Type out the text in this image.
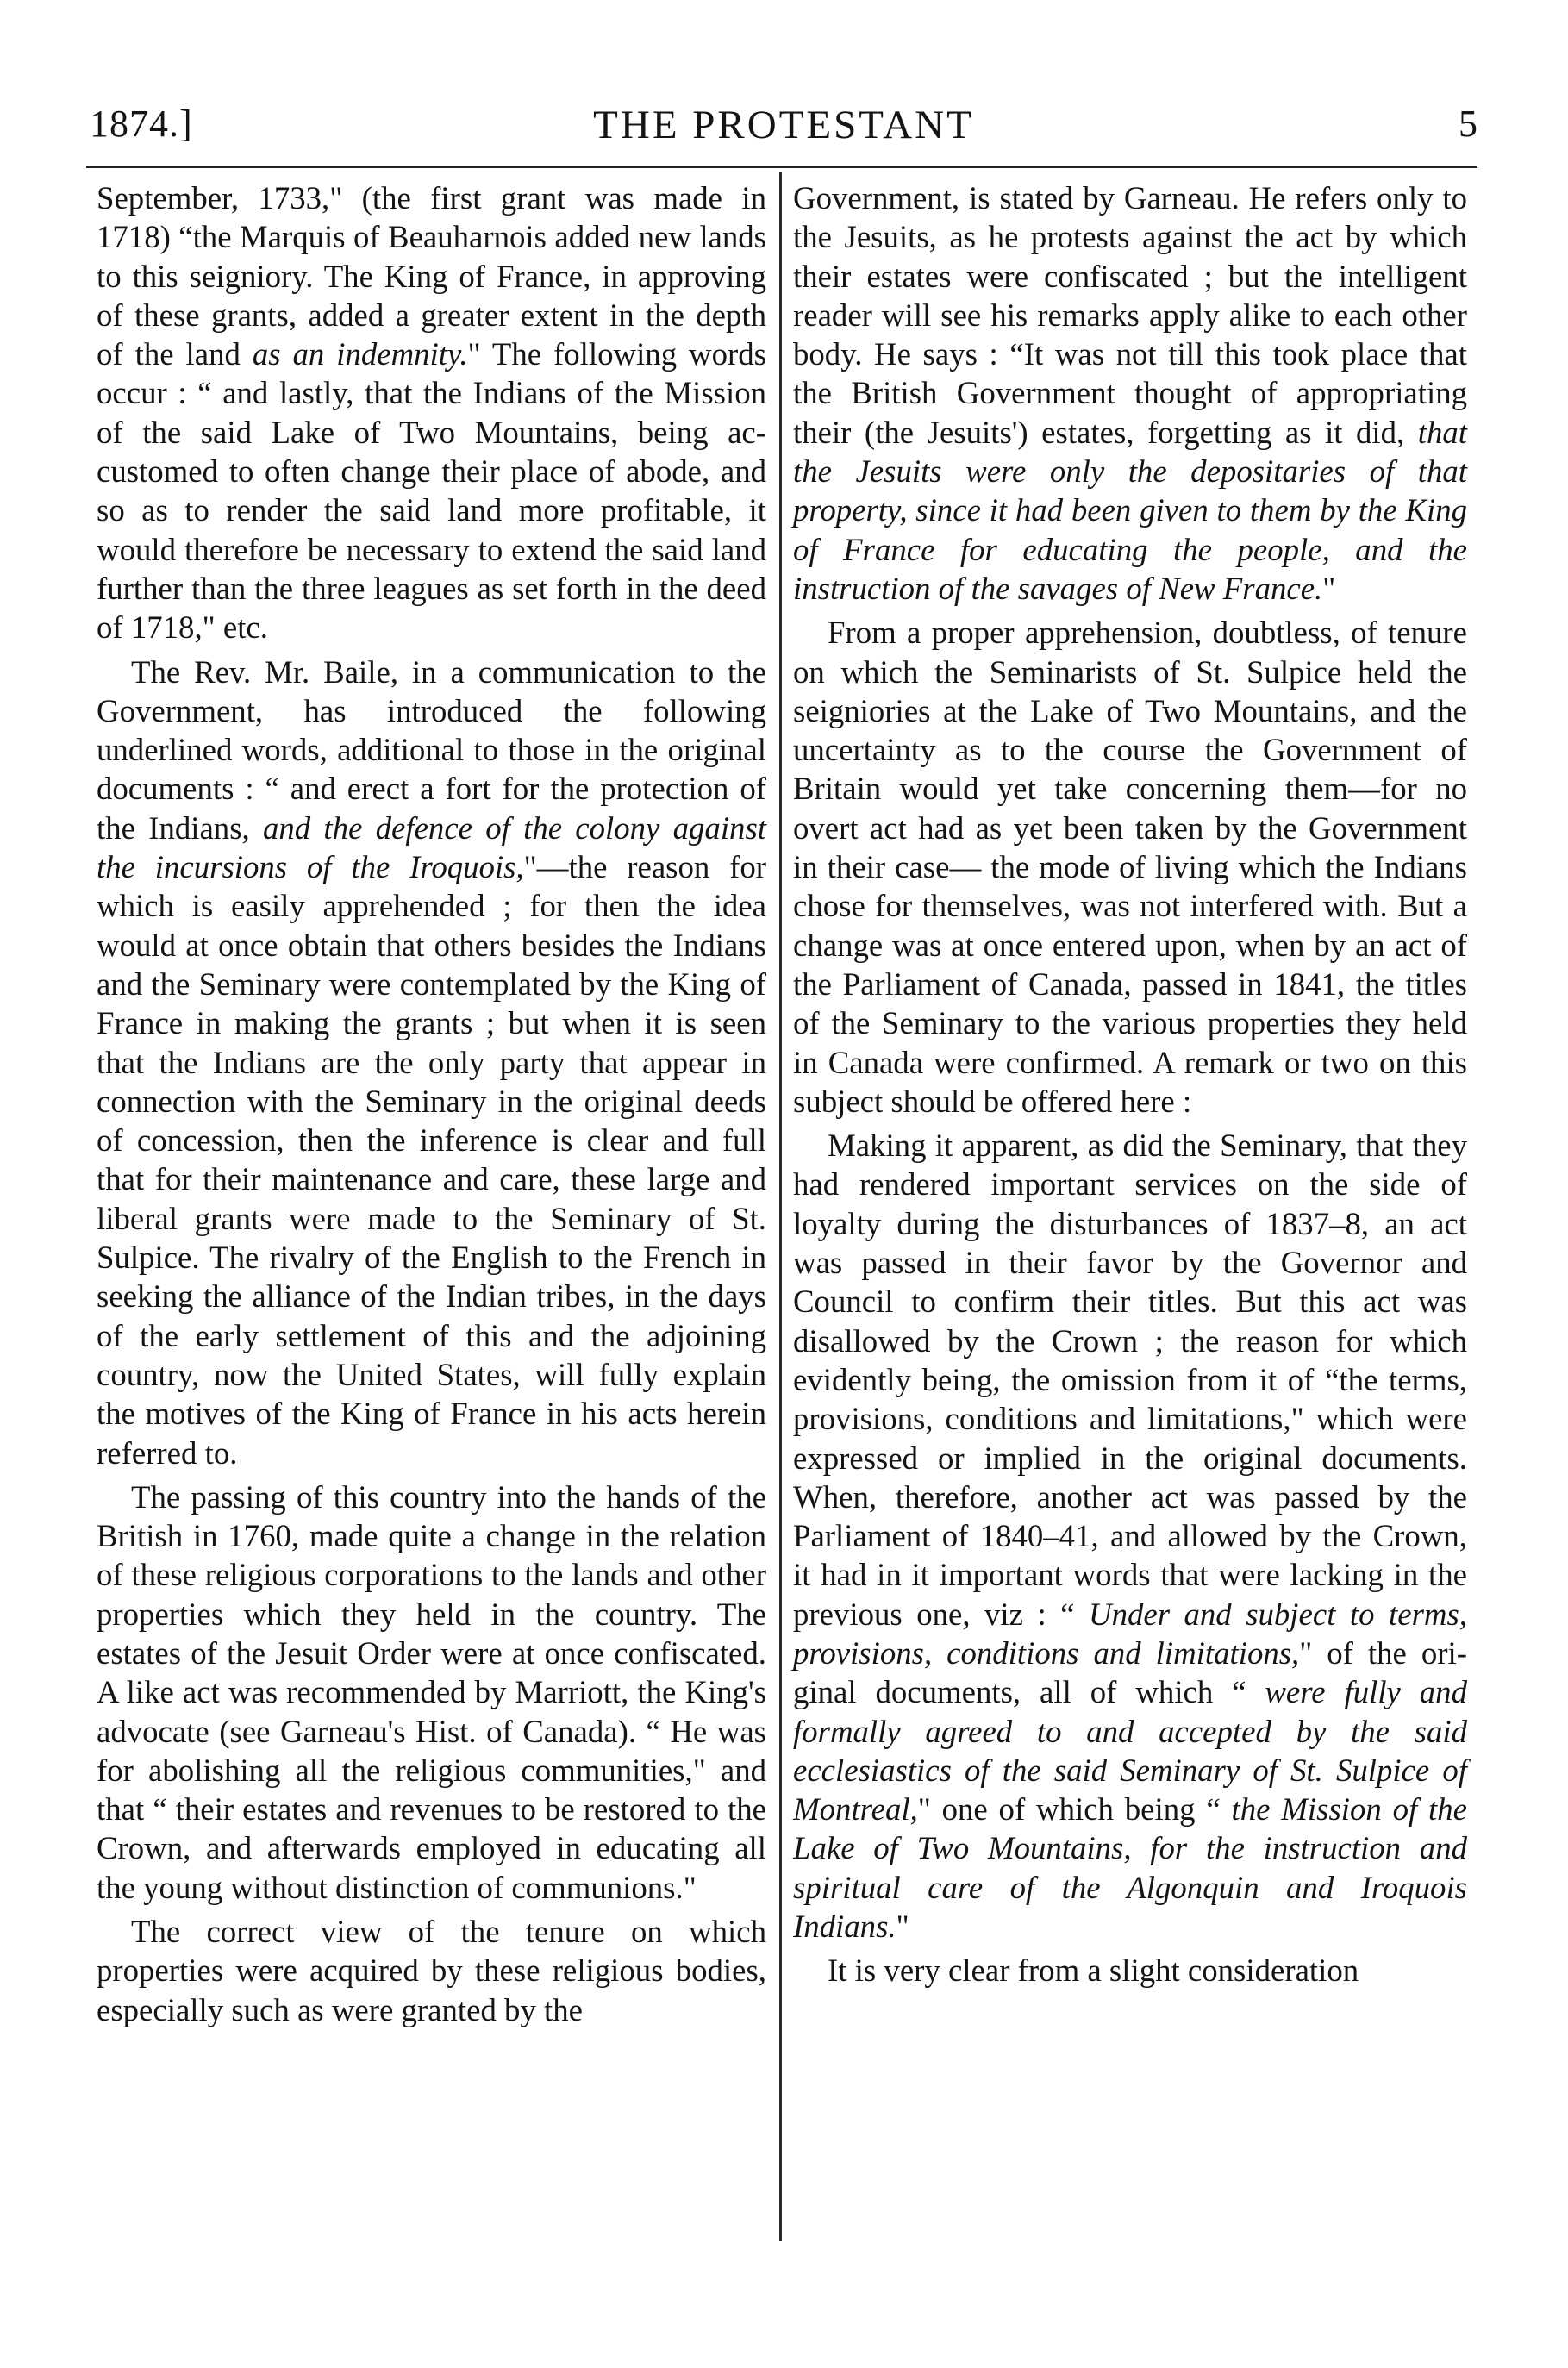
1874.]	THE PROTESTANT	5

September, 1733," (the first grant was made in 1718) “the Marquis of Beauharnois added new lands to this seigniory. The King of France, in approving of these grants, added a greater extent in the depth of the land as an indemnity." The following words occur : “ and lastly, that the Indians of the Mission of the said Lake of Two Mountains, being accustomed to often change their place of abode, and so as to render the said land more profitable, it would therefore be necessary to extend the said land further than the three leagues as set forth in the deed of 1718," etc.

The Rev. Mr. Baile, in a communication to the Government, has introduced the following underlined words, additional to those in the original documents : “ and erect a fort for the protection of the Indians, and the defence of the colony against the incursions of the Iroquois,"—the reason for which is easily apprehended ; for then the idea would at once obtain that others besides the Indians and the Seminary were contemplated by the King of France in making the grants ; but when it is seen that the Indians are the only party that appear in connection with the Seminary in the original deeds of concession, then the inference is clear and full that for their maintenance and care, these large and liberal grants were made to the Seminary of St. Sulpice. The rivalry of the English to the French in seeking the alliance of the Indian tribes, in the days of the early settlement of this and the adjoining country, now the United States, will fully explain the motives of the King of France in his acts herein referred to.

The passing of this country into the hands of the British in 1760, made quite a change in the relation of these religious corporations to the lands and other properties which they held in the country. The estates of the Jesuit Order were at once confiscated. A like act was recommended by Marriott, the King's advocate (see Garneau's Hist. of Canada). “ He was for abolishing all the religious communities," and that “ their estates and revenues to be restored to the Crown, and afterwards employed in educating all the young without distinction of communions."

The correct view of the tenure on which properties were acquired by these religious bodies, especially such as were granted by the

Government, is stated by Garneau. He refers only to the Jesuits, as he protests against the act by which their estates were confiscated ; but the intelligent reader will see his remarks apply alike to each other body. He says : “It was not till this took place that the British Government thought of appropriating their (the Jesuits') estates, forgetting as it did, that the Jesuits were only the depositaries of that property, since it had been given to them by the King of France for educating the people, and the instruction of the savages of New France."

From a proper apprehension, doubtless, of tenure on which the Seminarists of St. Sulpice held the seigniories at the Lake of Two Mountains, and the uncertainty as to the course the Government of Britain would yet take concerning them—for no overt act had as yet been taken by the Government in their case— the mode of living which the Indians chose for themselves, was not interfered with. But a change was at once entered upon, when by an act of the Parliament of Canada, passed in 1841, the titles of the Seminary to the various properties they held in Canada were confirmed. A remark or two on this subject should be offered here :

Making it apparent, as did the Seminary, that they had rendered important services on the side of loyalty during the disturbances of 1837–8, an act was passed in their favor by the Governor and Council to confirm their titles. But this act was disallowed by the Crown ; the reason for which evidently being, the omission from it of “the terms, provisions, conditions and limitations," which were expressed or implied in the original documents. When, therefore, another act was passed by the Parliament of 1840–41, and allowed by the Crown, it had in it important words that were lacking in the previous one, viz : “ Under and subject to terms, provisions, conditions and limitations," of the original documents, all of which “ were fully and formally agreed to and accepted by the said ecclesiastics of the said Seminary of St. Sulpice of Montreal," one of which being “ the Mission of the Lake of Two Mountains, for the instruction and spiritual care of the Algonquin and Iroquois Indians."

It is very clear from a slight consideration
